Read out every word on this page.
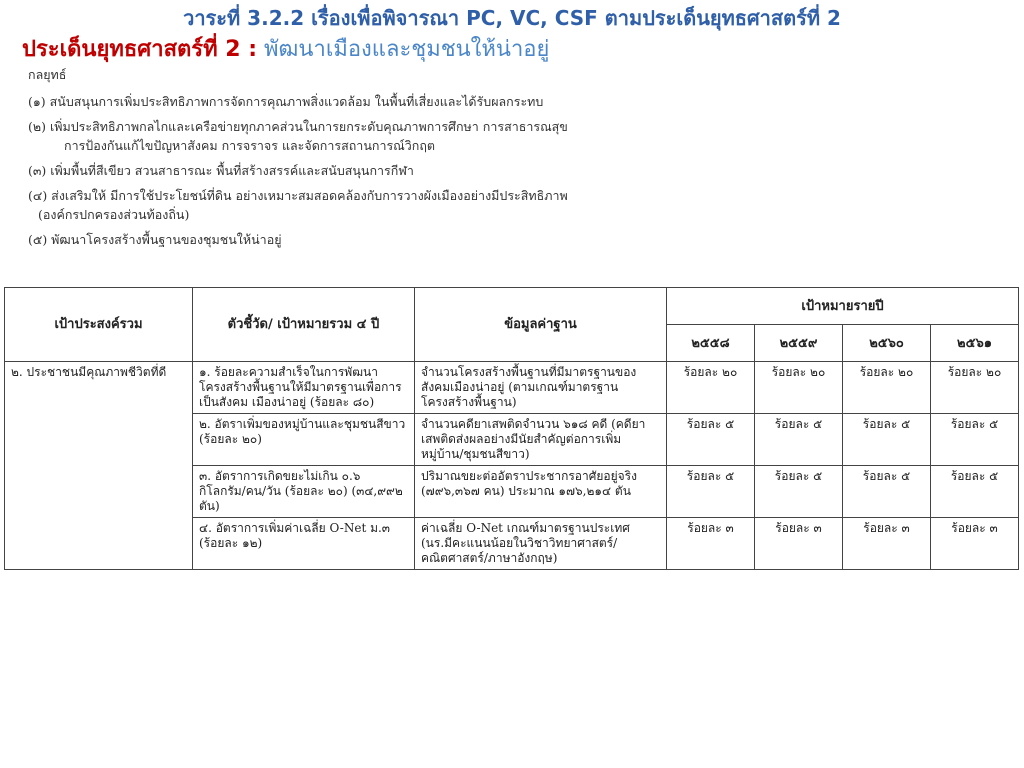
วาระที่ 3.2.2 เรื่องเพื่อพิจารณา PC, VC, CSF ตามประเด็นยุทธศาสตร์ที่ 2
ประเด็นยุทธศาสตร์ที่ 2 : พัฒนาเมืองและชุมชนให้น่าอยู่
กลยุทธ์
(๑) สนับสนุนการเพิ่มประสิทธิภาพการจัดการคุณภาพสิ่งแวดล้อม ในพื้นที่เสี่ยงและได้รับผลกระทบ
(๒) เพิ่มประสิทธิภาพกลไกและเครือข่ายทุกภาคส่วนในการยกระดับคุณภาพการศึกษา การสาธารณสุข
การป้องกันแก้ไขปัญหาสังคม การจราจร และจัดการสถานการณ์วิกฤต
(๓) เพิ่มพื้นที่สีเขียว สวนสาธารณะ พื้นที่สร้างสรรค์และสนับสนุนการกีฬา
(๔) ส่งเสริมให้ มีการใช้ประโยชน์ที่ดิน อย่างเหมาะสมสอดคล้องกับการวางผังเมืองอย่างมีประสิทธิภาพ
(องค์กรปกครองส่วนท้องถิ่น)
(๕) พัฒนาโครงสร้างพื้นฐานของชุมชนให้น่าอยู่
เป้าประสงค์รวม	ตัวชี้วัด/ เป้าหมายรวม ๔ ปี	ข้อมูลค่าฐาน	เป้าหมายรายปี			
			๒๕๕๘	๒๕๕๙	๒๕๖๐	๒๕๖๑
๒. ประชาชนมีคุณภาพชีวิตที่ดี	๑. ร้อยละความสำเร็จในการพัฒนาโครงสร้างพื้นฐานให้มีมาตรฐานเพื่อการเป็นสังคม เมืองน่าอยู่ (ร้อยละ ๘๐)	จำนวนโครงสร้างพื้นฐานที่มีมาตรฐานของสังคมเมืองน่าอยู่ (ตามเกณฑ์มาตรฐานโครงสร้างพื้นฐาน)	ร้อยละ ๒๐	ร้อยละ ๒๐	ร้อยละ ๒๐	ร้อยละ ๒๐
	๒. อัตราเพิ่มของหมู่บ้านและชุมชนสีขาว (ร้อยละ ๒๐)	จำนวนคดียาเสพติดจำนวน ๖๑๘ คดี (คดียาเสพติดส่งผลอย่างมีนัยสำคัญต่อการเพิ่มหมู่บ้าน/ชุมชนสีขาว)	ร้อยละ ๕	ร้อยละ ๕	ร้อยละ ๕	ร้อยละ ๕
	๓. อัตราการเกิดขยะไม่เกิน ๐.๖ กิโลกรัม/คน/วัน (ร้อยละ ๒๐) (๓๔,๙๙๒ ตัน)	ปริมาณขยะต่ออัตราประชากรอาศัยอยู่จริง (๗๙๖,๓๖๗ คน) ประมาณ ๑๗๖,๒๑๔ ตัน	ร้อยละ ๕	ร้อยละ ๕	ร้อยละ ๕	ร้อยละ ๕
	๔. อัตราการเพิ่มค่าเฉลี่ย O-Net ม.๓ (ร้อยละ ๑๒)	ค่าเฉลี่ย O-Net เกณฑ์มาตรฐานประเทศ (นร.มีคะแนนน้อยในวิชาวิทยาศาสตร์/คณิตศาสตร์/ภาษาอังกฤษ)	ร้อยละ ๓	ร้อยละ ๓	ร้อยละ ๓	ร้อยละ ๓
